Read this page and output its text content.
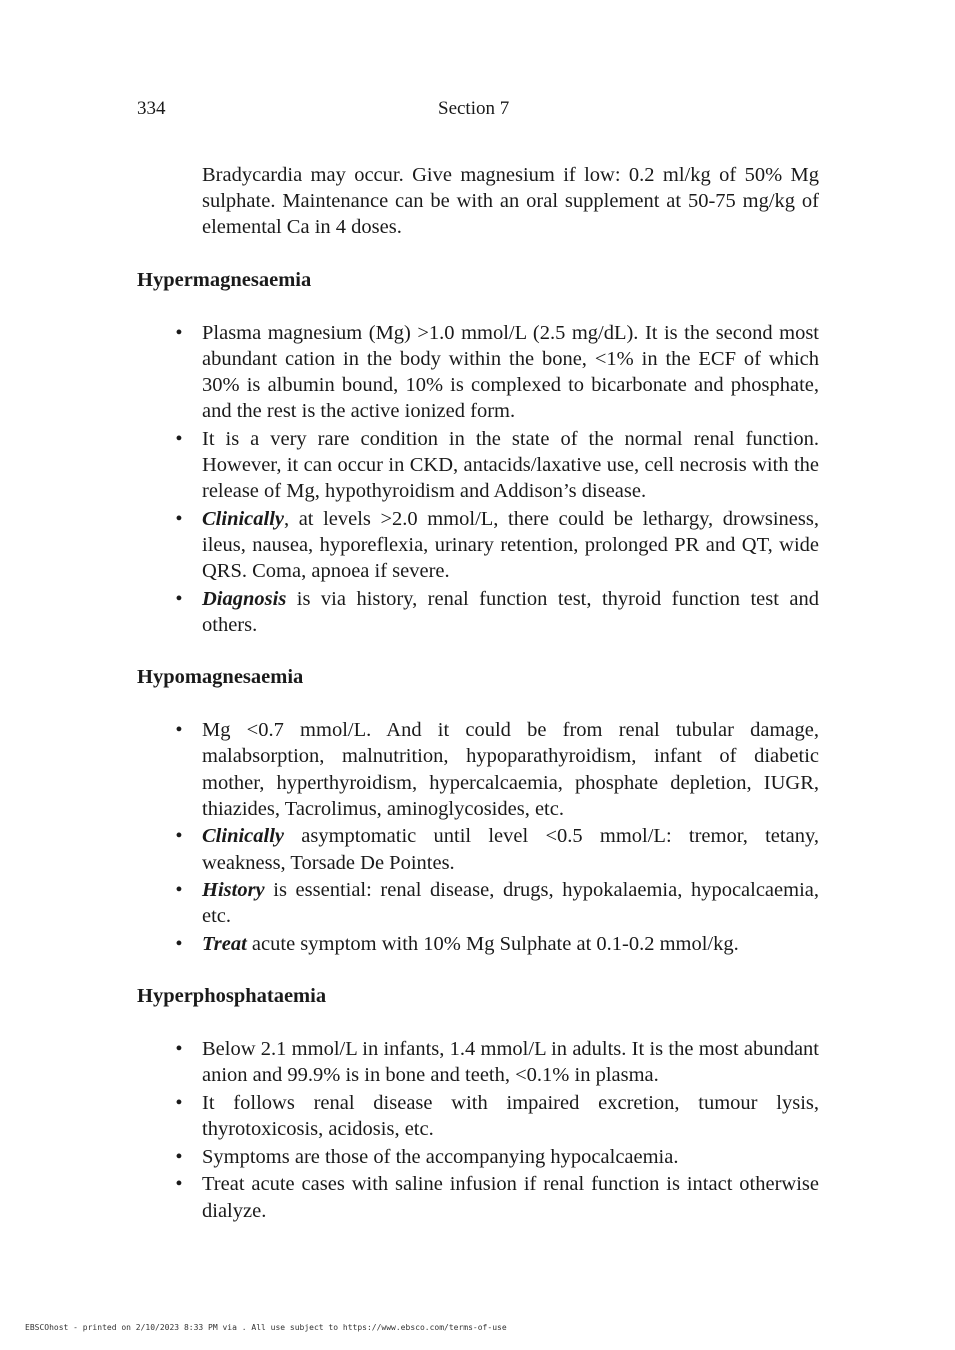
334	Section 7

Bradycardia may occur. Give magnesium if low: 0.2 ml/kg of 50% Mg sulphate. Maintenance can be with an oral supplement at 50-75 mg/kg of elemental Ca in 4 doses.

Hypermagnesaemia
• Plasma magnesium (Mg) >1.0 mmol/L (2.5 mg/dL). It is the second most abundant cation in the body within the bone, <1% in the ECF of which 30% is albumin bound, 10% is complexed to bicarbonate and phosphate, and the rest is the active ionized form.
• It is a very rare condition in the state of the normal renal function. However, it can occur in CKD, antacids/laxative use, cell necrosis with the release of Mg, hypothyroidism and Addison’s disease.
• Clinically, at levels >2.0 mmol/L, there could be lethargy, drowsiness, ileus, nausea, hyporeflexia, urinary retention, prolonged PR and QT, wide QRS. Coma, apnoea if severe.
• Diagnosis is via history, renal function test, thyroid function test and others.
Hypomagnesaemia
• Mg <0.7 mmol/L. And it could be from renal tubular damage, malabsorption, malnutrition, hypoparathyroidism, infant of diabetic mother, hyperthyroidism, hypercalcaemia, phosphate depletion, IUGR, thiazides, Tacrolimus, aminoglycosides, etc.
• Clinically asymptomatic until level <0.5 mmol/L: tremor, tetany, weakness, Torsade De Pointes.
• History is essential: renal disease, drugs, hypokalaemia, hypocalcaemia, etc.
• Treat acute symptom with 10% Mg Sulphate at 0.1-0.2 mmol/kg.
Hyperphosphataemia
• Below 2.1 mmol/L in infants, 1.4 mmol/L in adults. It is the most abundant anion and 99.9% is in bone and teeth, <0.1% in plasma.
• It follows renal disease with impaired excretion, tumour lysis, thyrotoxicosis, acidosis, etc.
• Symptoms are those of the accompanying hypocalcaemia.
• Treat acute cases with saline infusion if renal function is intact otherwise dialyze.
EBSCOhost - printed on 2/10/2023 8:33 PM via . All use subject to https://www.ebsco.com/terms-of-use
